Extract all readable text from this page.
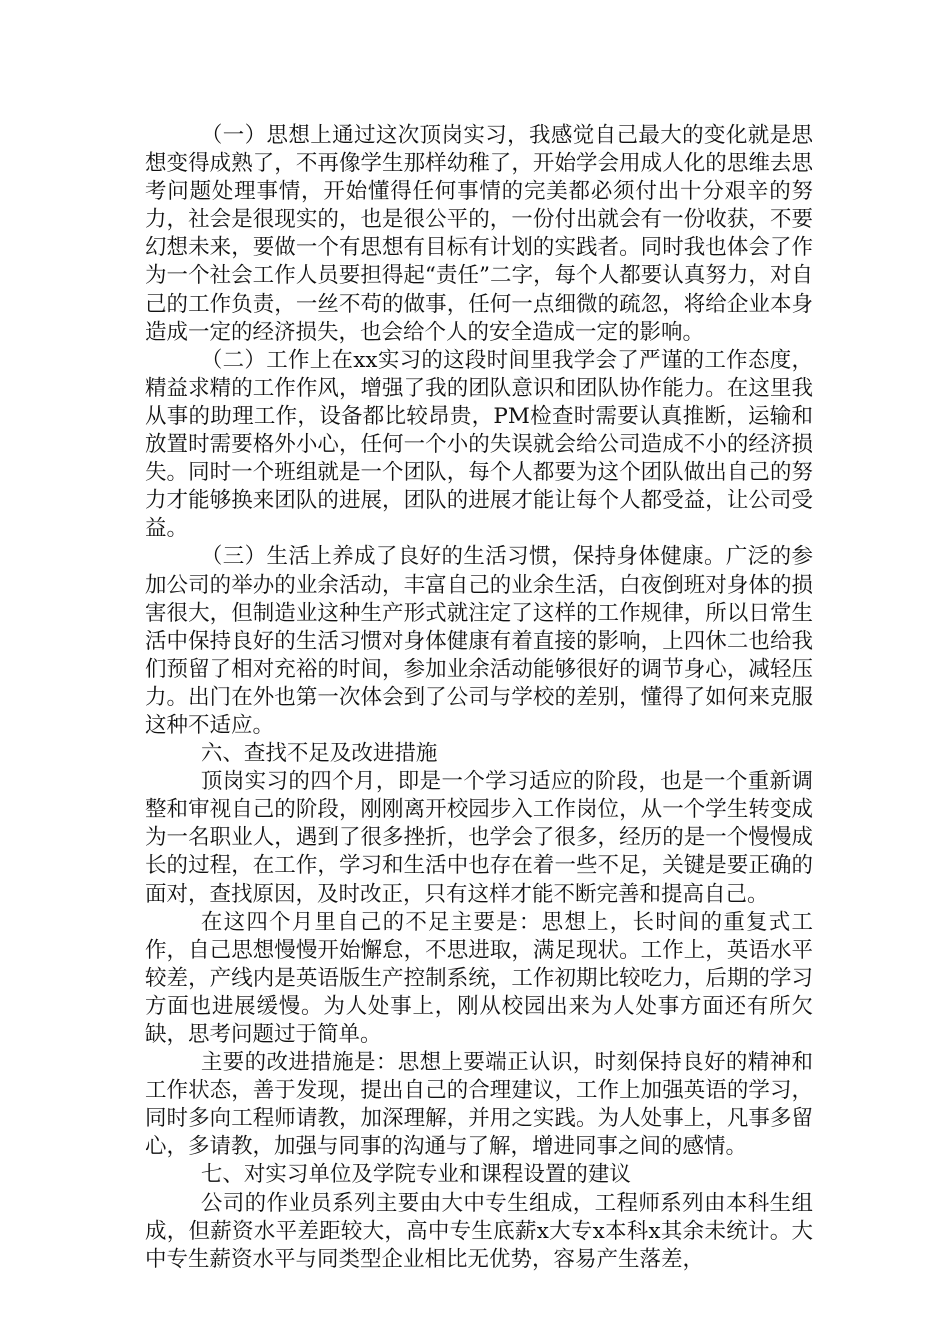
（一）思想上通过这次顶岗实习，我感觉自己最大的变化就是思想变得成熟了，不再像学生那样幼稚了，开始学会用成人化的思维去思考问题处理事情，开始懂得任何事情的完美都必须付出十分艰辛的努力，社会是很现实的，也是很公平的，一份付出就会有一份收获，不要幻想未来，要做一个有思想有目标有计划的实践者。同时我也体会了作为一个社会工作人员要担得起“责任”二字，每个人都要认真努力，对自己的工作负责，一丝不苟的做事，任何一点细微的疏忽，将给企业本身造成一定的经济损失，也会给个人的安全造成一定的影响。

（二）工作上在xx实习的这段时间里我学会了严谨的工作态度，精益求精的工作作风，增强了我的团队意识和团队协作能力。在这里我从事的助理工作，设备都比较昂贵，PM检查时需要认真推断，运输和放置时需要格外小心，任何一个小的失误就会给公司造成不小的经济损失。同时一个班组就是一个团队，每个人都要为这个团队做出自己的努力才能够换来团队的进展，团队的进展才能让每个人都受益，让公司受益。

（三）生活上养成了良好的生活习惯，保持身体健康。广泛的参加公司的举办的业余活动，丰富自己的业余生活，白夜倒班对身体的损害很大，但制造业这种生产形式就注定了这样的工作规律，所以日常生活中保持良好的生活习惯对身体健康有着直接的影响，上四休二也给我们预留了相对充裕的时间，参加业余活动能够很好的调节身心，减轻压力。出门在外也第一次体会到了公司与学校的差别，懂得了如何来克服这种不适应。

六、查找不足及改进措施

顶岗实习的四个月，即是一个学习适应的阶段，也是一个重新调整和审视自己的阶段，刚刚离开校园步入工作岗位，从一个学生转变成为一名职业人，遇到了很多挫折，也学会了很多，经历的是一个慢慢成长的过程，在工作，学习和生活中也存在着一些不足，关键是要正确的面对，查找原因，及时改正，只有这样才能不断完善和提高自己。

在这四个月里自己的不足主要是：思想上，长时间的重复式工作，自己思想慢慢开始懈怠，不思进取，满足现状。工作上，英语水平较差，产线内是英语版生产控制系统，工作初期比较吃力，后期的学习方面也进展缓慢。为人处事上，刚从校园出来为人处事方面还有所欠缺，思考问题过于简单。

主要的改进措施是：思想上要端正认识，时刻保持良好的精神和工作状态，善于发现，提出自己的合理建议，工作上加强英语的学习，同时多向工程师请教，加深理解，并用之实践。为人处事上，凡事多留心，多请教，加强与同事的沟通与了解，增进同事之间的感情。

七、对实习单位及学院专业和课程设置的建议

公司的作业员系列主要由大中专生组成，工程师系列由本科生组成，但薪资水平差距较大，高中专生底薪x大专x本科x其余未统计。大中专生薪资水平与同类型企业相比无优势，容易产生落差，
